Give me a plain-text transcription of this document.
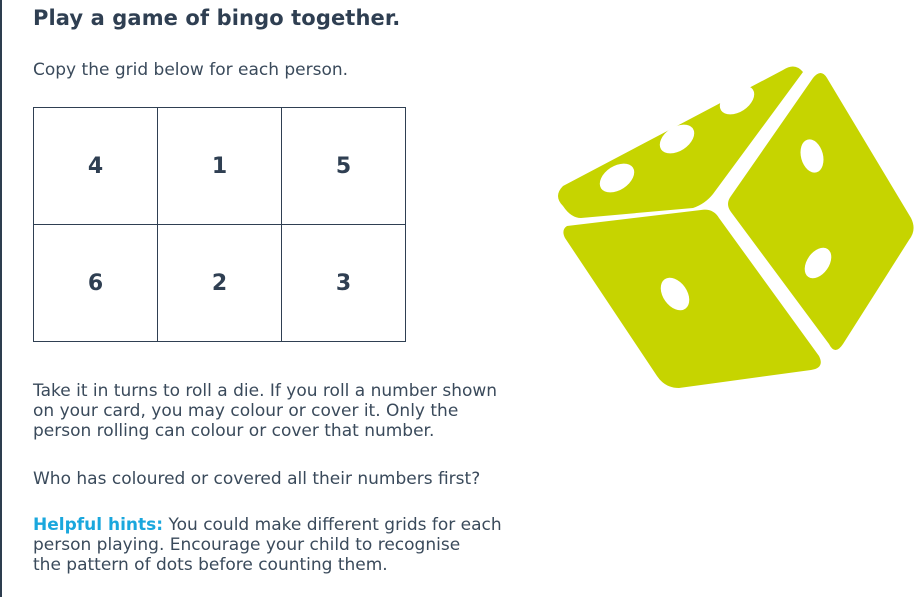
Play a game of bingo together.

Copy the grid below for each person.

4	1	5
6	2	3

Take it in turns to roll a die. If you roll a number shown
on your card, you may colour or cover it. Only the
person rolling can colour or cover that number.

Who has coloured or covered all their numbers first?

Helpful hints: You could make different grids for each
person playing. Encourage your child to recognise
the pattern of dots before counting them.
